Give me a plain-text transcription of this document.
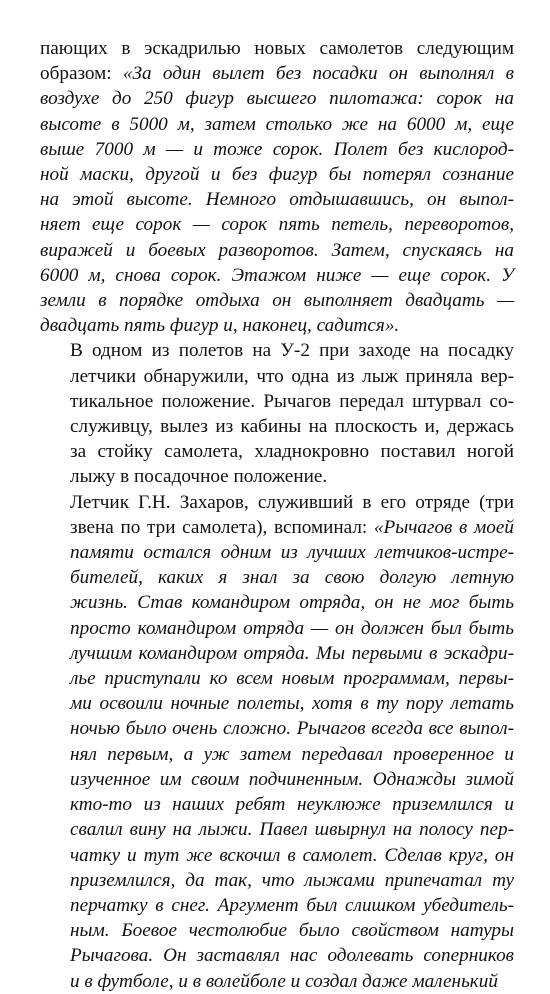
пающих в эскадрилью новых самолетов следующим
образом: «За один вылет без посадки он выполнял в
воздухе до 250 фигур высшего пилотажа: сорок на
высоте в 5000 м, затем столько же на 6000 м, еще
выше 7000 м — и тоже сорок. Полет без кислород-
ной маски, другой и без фигур бы потерял сознание
на этой высоте. Немного отдышавшись, он выпол-
няет еще сорок — сорок пять петель, переворотов,
виражей и боевых разворотов. Затем, спускаясь на
6000 м, снова сорок. Этажом ниже — еще сорок. У
земли в порядке отдыха он выполняет двадцать —
двадцать пять фигур и, наконец, садится».
В одном из полетов на У-2 при заходе на посадку
летчики обнаружили, что одна из лыж приняла вер-
тикальное положение. Рычагов передал штурвал со-
служивцу, вылез из кабины на плоскость и, держась
за стойку самолета, хладнокровно поставил ногой
лыжу в посадочное положение.
Летчик Г.Н. Захаров, служивший в его отряде (три
звена по три самолета), вспоминал: «Рычагов в моей
памяти остался одним из лучших летчиков-истре-
бителей, каких я знал за свою долгую летную
жизнь. Став командиром отряда, он не мог быть
просто командиром отряда — он должен был быть
лучшим командиром отряда. Мы первыми в эскадри-
лье приступали ко всем новым программам, первы-
ми освоили ночные полеты, хотя в ту пору летать
ночью было очень сложно. Рычагов всегда все выпол-
нял первым, а уж затем передавал проверенное и
изученное им своим подчиненным. Однажды зимой
кто-то из наших ребят неуклюже приземлился и
свалил вину на лыжи. Павел швырнул на полосу пер-
чатку и тут же вскочил в самолет. Сделав круг, он
приземлился, да так, что лыжами припечатал ту
перчатку в снег. Аргумент был слишком убедитель-
ным. Боевое честолюбие было свойством натуры
Рычагова. Он заставлял нас одолевать соперников
и в футболе, и в волейболе и создал даже маленький
